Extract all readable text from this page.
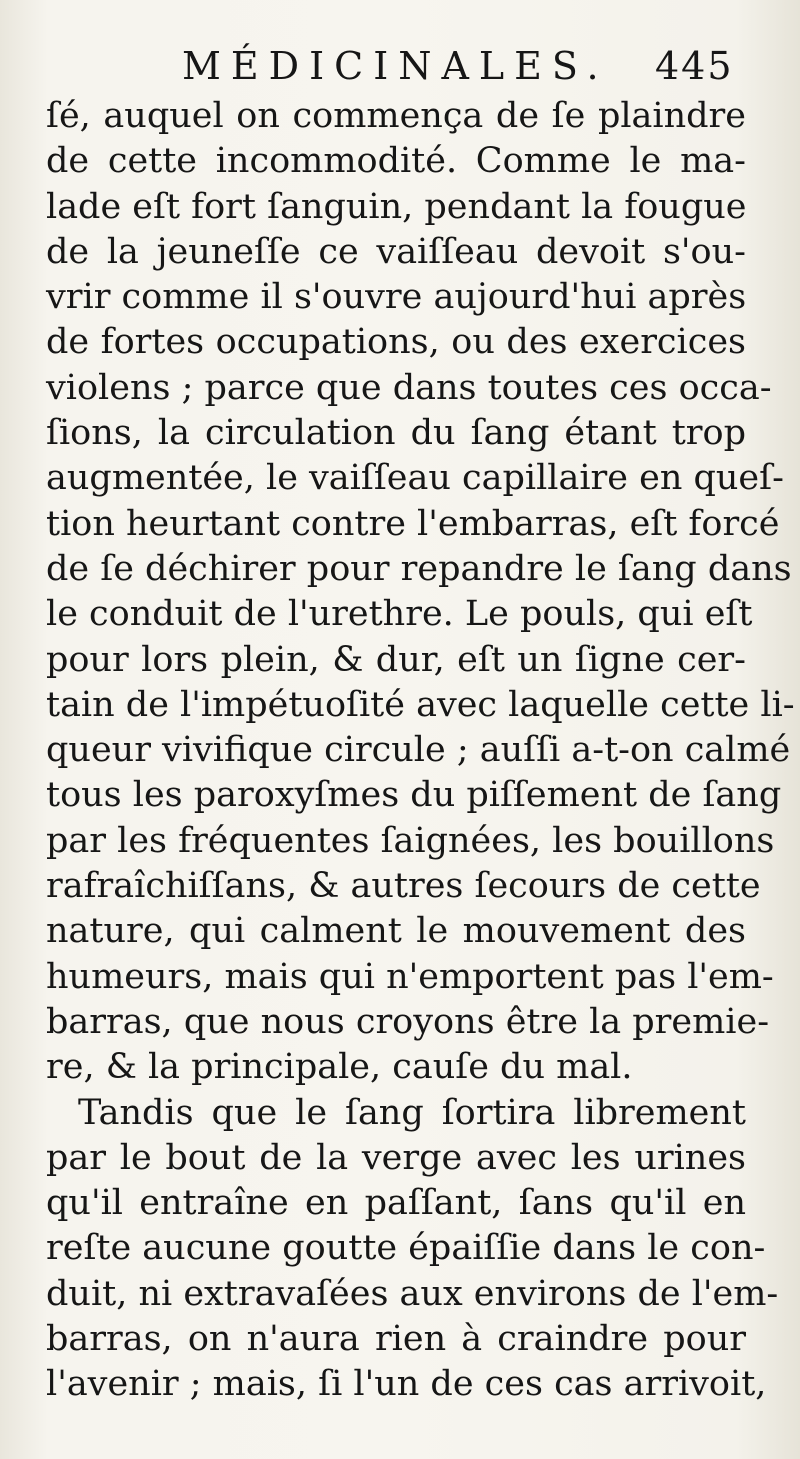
MÉDICINALES. 445
ſé, auquel on commença de ſe plaindre
de cette incommodité. Comme le ma-
lade eſt fort ſanguin, pendant la fougue
de la jeuneſſe ce vaiſſeau devoit s'ou-
vrir comme il s'ouvre aujourd'hui après
de fortes occupations, ou des exercices
violens ; parce que dans toutes ces occa-
ſions, la circulation du ſang étant trop
augmentée, le vaiſſeau capillaire en queſ-
tion heurtant contre l'embarras, eſt forcé
de ſe déchirer pour repandre le ſang dans
le conduit de l'urethre. Le pouls, qui eſt
pour lors plein, & dur, eſt un ſigne cer-
tain de l'impétuoſité avec laquelle cette li-
queur vivifique circule ; auſſi a-t-on calmé
tous les paroxyſmes du piſſement de ſang
par les fréquentes ſaignées, les bouillons
rafraîchiſſans, & autres ſecours de cette
nature, qui calment le mouvement des
humeurs, mais qui n'emportent pas l'em-
barras, que nous croyons être la premie-
re, & la principale, cauſe du mal.
Tandis que le ſang ſortira librement
par le bout de la verge avec les urines
qu'il entraîne en paſſant, ſans qu'il en
reſte aucune goutte épaiſſie dans le con-
duit, ni extravaſées aux environs de l'em-
barras, on n'aura rien à craindre pour
l'avenir ; mais, ſi l'un de ces cas arrivoit,
